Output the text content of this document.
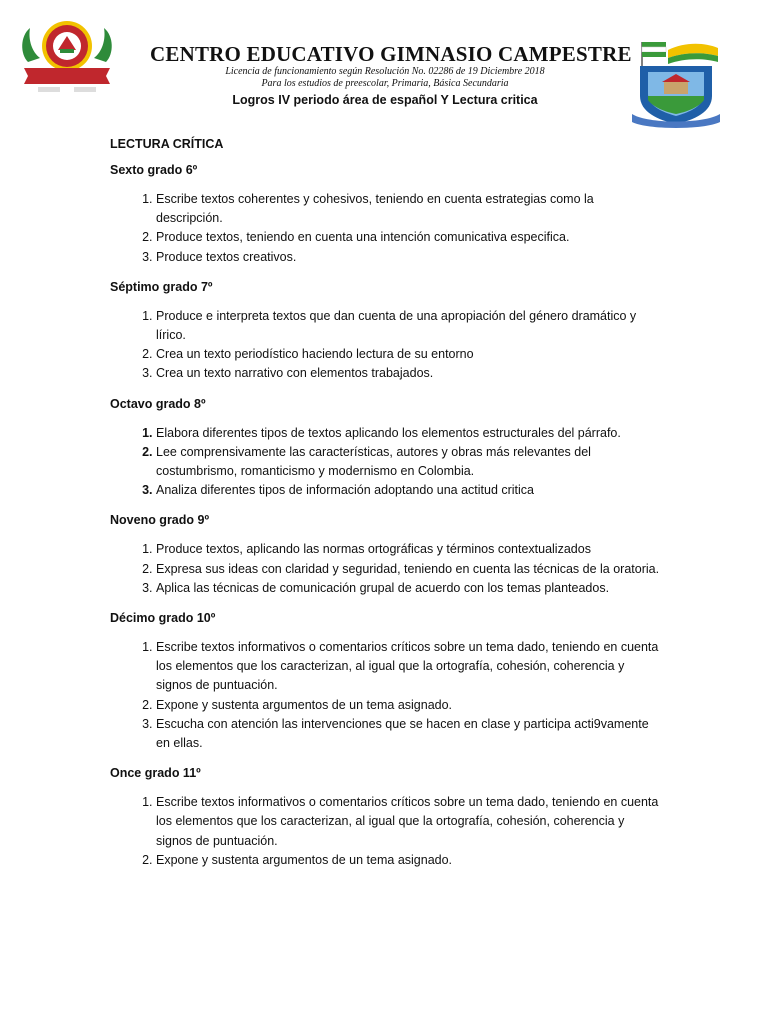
CENTRO EDUCATIVO GIMNASIO CAMPESTRE
Licencia de funcionamiento según Resolución No. 02286 de 19 Diciembre 2018
Para los estudios de preescolar, Primaria, Básica Secundaria
Logros IV periodo área de español Y Lectura critica
LECTURA CRÍTICA
Sexto grado 6º
1. Escribe textos coherentes y cohesivos, teniendo en cuenta estrategias como la descripción.
2. Produce textos, teniendo en cuenta una intención comunicativa especifica.
3. Produce textos creativos.
Séptimo grado 7º
1. Produce e interpreta textos que dan cuenta de una apropiación del género dramático y lírico.
2. Crea un texto periodístico haciendo lectura de su entorno
3. Crea un texto narrativo con elementos trabajados.
Octavo grado 8º
1. Elabora diferentes tipos de textos aplicando los elementos estructurales del párrafo.
2. Lee comprensivamente las características, autores y obras más relevantes del costumbrismo, romanticismo y modernismo en Colombia.
3. Analiza diferentes tipos de información adoptando una actitud critica
Noveno grado 9º
1. Produce textos, aplicando las normas ortográficas y términos contextualizados
2. Expresa sus ideas con claridad y seguridad, teniendo en cuenta las técnicas de la oratoria.
3. Aplica las técnicas de comunicación grupal de acuerdo con los temas planteados.
Décimo grado 10º
1. Escribe textos informativos o comentarios críticos sobre un tema dado, teniendo en cuenta los elementos que los caracterizan, al igual que la ortografía, cohesión, coherencia y signos de puntuación.
2. Expone y sustenta argumentos de un tema asignado.
3. Escucha con atención las intervenciones que se hacen en clase y participa acti9vamente en ellas.
Once grado 11º
1. Escribe textos informativos o comentarios críticos sobre un tema dado, teniendo en cuenta los elementos que los caracterizan, al igual que la ortografía, cohesión, coherencia y signos de puntuación.
2. Expone y sustenta argumentos de un tema asignado.
